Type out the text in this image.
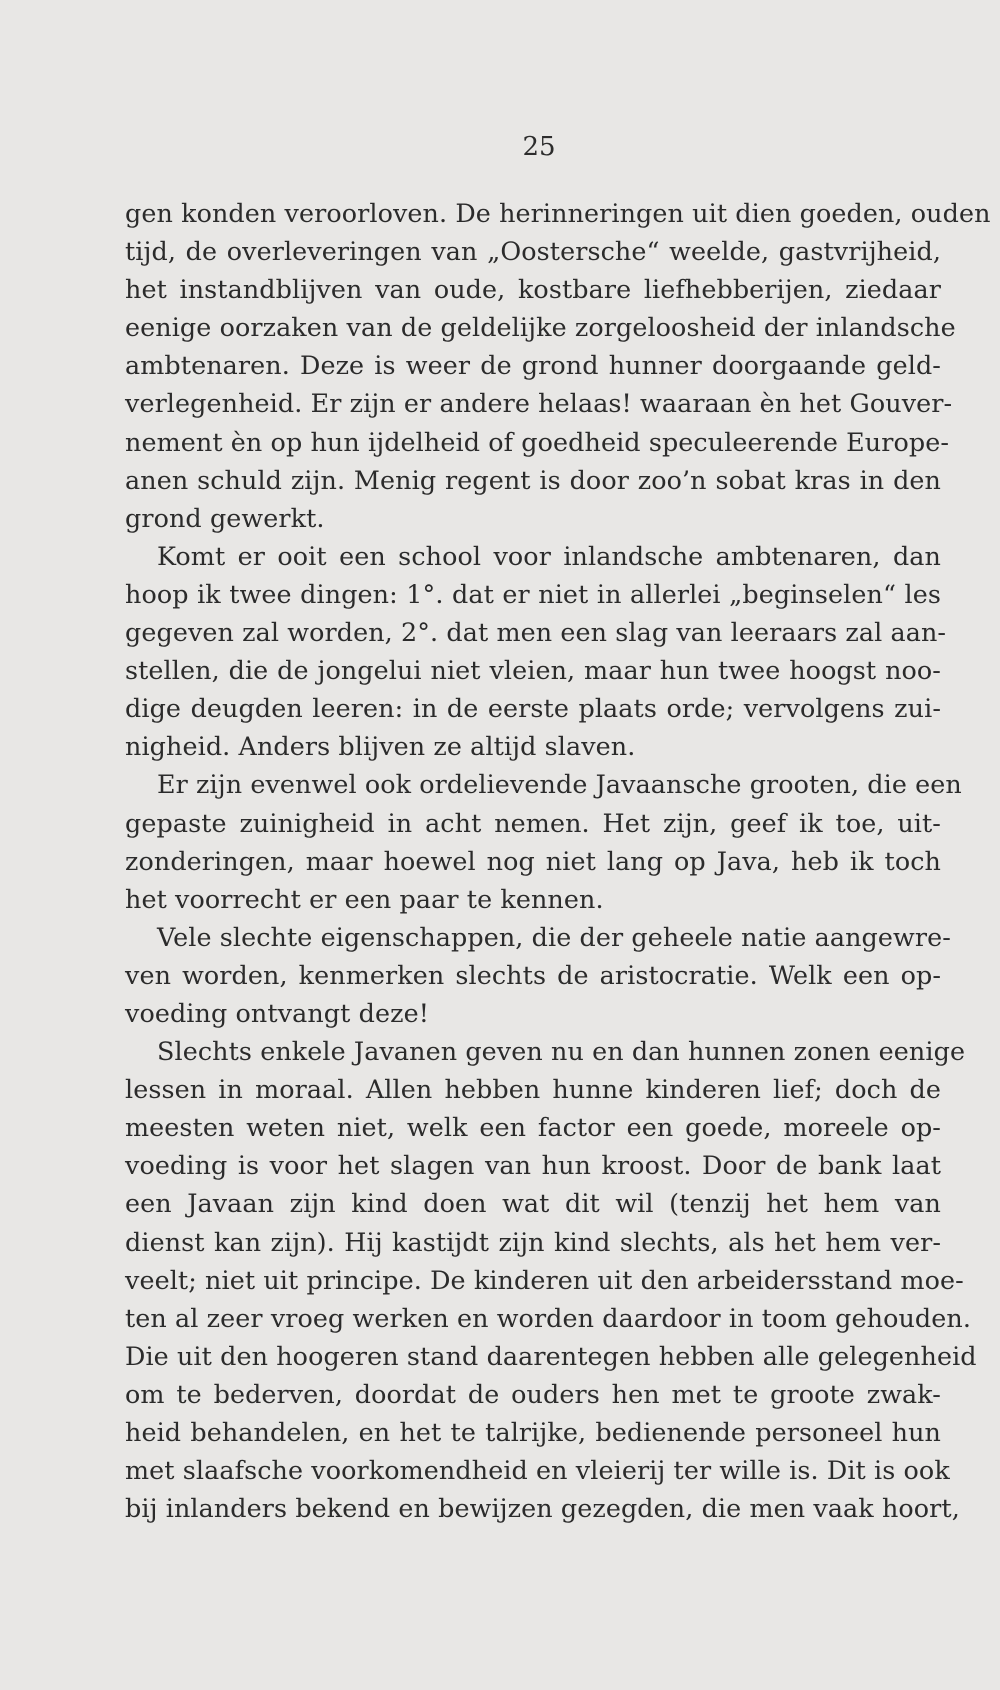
25
gen konden veroorloven. De herinneringen uit dien goeden, ouden
tijd, de overleveringen van „Oostersche“ weelde, gastvrijheid,
het instandblijven van oude, kostbare liefhebberijen, ziedaar
eenige oorzaken van de geldelijke zorgeloosheid der inlandsche
ambtenaren. Deze is weer de grond hunner doorgaande geld-
verlegenheid. Er zijn er andere helaas! waaraan èn het Gouver-
nement èn op hun ijdelheid of goedheid speculeerende Europe-
anen schuld zijn. Menig regent is door zoo’n sobat kras in den
grond gewerkt.
Komt er ooit een school voor inlandsche ambtenaren, dan
hoop ik twee dingen: 1°. dat er niet in allerlei „beginselen“ les
gegeven zal worden, 2°. dat men een slag van leeraars zal aan-
stellen, die de jongelui niet vleien, maar hun twee hoogst noo-
dige deugden leeren: in de eerste plaats orde; vervolgens zui-
nigheid. Anders blijven ze altijd slaven.
Er zijn evenwel ook ordelievende Javaansche grooten, die een
gepaste zuinigheid in acht nemen. Het zijn, geef ik toe, uit-
zonderingen, maar hoewel nog niet lang op Java, heb ik toch
het voorrecht er een paar te kennen.
Vele slechte eigenschappen, die der geheele natie aangewre-
ven worden, kenmerken slechts de aristocratie. Welk een op-
voeding ontvangt deze!
Slechts enkele Javanen geven nu en dan hunnen zonen eenige
lessen in moraal. Allen hebben hunne kinderen lief; doch de
meesten weten niet, welk een factor een goede, moreele op-
voeding is voor het slagen van hun kroost. Door de bank laat
een Javaan zijn kind doen wat dit wil (tenzij het hem van
dienst kan zijn). Hij kastijdt zijn kind slechts, als het hem ver-
veelt; niet uit principe. De kinderen uit den arbeidersstand moe-
ten al zeer vroeg werken en worden daardoor in toom gehouden.
Die uit den hoogeren stand daarentegen hebben alle gelegenheid
om te bederven, doordat de ouders hen met te groote zwak-
heid behandelen, en het te talrijke, bedienende personeel hun
met slaafsche voorkomendheid en vleierij ter wille is. Dit is ook
bij inlanders bekend en bewijzen gezegden, die men vaak hoort,
